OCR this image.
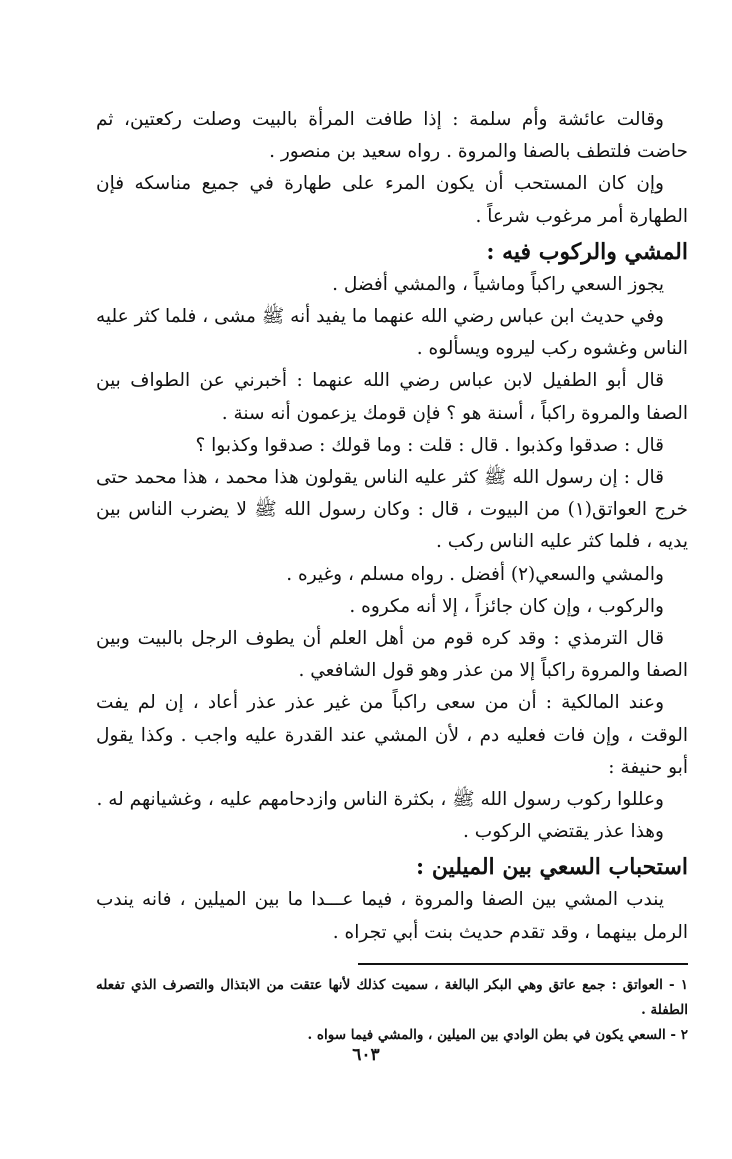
وقالت عائشة وأم سلمة : إذا طافت المرأة بالبيت وصلت ركعتين، ثم حاضت فلتطف بالصفا والمروة . رواه سعيد بن منصور .

وإن كان المستحب أن يكون المرء على طهارة في جميع مناسكه فإن الطهارة أمر مرغوب شرعاً .

المشي والركوب فيه :

يجوز السعي راكباً وماشياً ، والمشي أفضل .

وفي حديث ابن عباس رضي الله عنهما ما يفيد أنه ﷺ مشى ، فلما كثر عليه الناس وغشوه ركب ليروه ويسألوه .

قال أبو الطفيل لابن عباس رضي الله عنهما : أخبرني عن الطواف بين الصفا والمروة راكباً ، أسنة هو ؟ فإن قومك يزعمون أنه سنة .

قال : صدقوا وكذبوا . قال : قلت : وما قولك : صدقوا وكذبوا ؟

قال : إن رسول الله ﷺ كثر عليه الناس يقولون هذا محمد ، هذا محمد حتى خرج العواتق(١) من البيوت ، قال : وكان رسول الله ﷺ لا يضرب الناس بين يديه ، فلما كثر عليه الناس ركب .

والمشي والسعي(٢) أفضل . رواه مسلم ، وغيره .

والركوب ، وإن كان جائزاً ، إلا أنه مكروه .

قال الترمذي : وقد كره قوم من أهل العلم أن يطوف الرجل بالبيت وبين الصفا والمروة راكباً إلا من عذر وهو قول الشافعي .

وعند المالكية : أن من سعى راكباً من غير عذر عذر أعاد ، إن لم يفت الوقت ، وإن فات فعليه دم ، لأن المشي عند القدرة عليه واجب . وكذا يقول أبو حنيفة :

وعللوا ركوب رسول الله ﷺ ، بكثرة الناس وازدحامهم عليه ، وغشيانهم له .

وهذا عذر يقتضي الركوب .

استحباب السعي بين الميلين :

يندب المشي بين الصفا والمروة ، فيما عـــدا ما بين الميلين ، فانه يندب الرمل بينهما ، وقد تقدم حديث بنت أبي تجراه .

١ - العواتق : جمع عاتق وهي البكر البالغة ، سميت كذلك لأنها عتقت من الابتذال والتصرف الذي تفعله الطفلة .

٢ - السعي يكون في بطن الوادي بين الميلين ، والمشي فيما سواه .

٦٠٣
